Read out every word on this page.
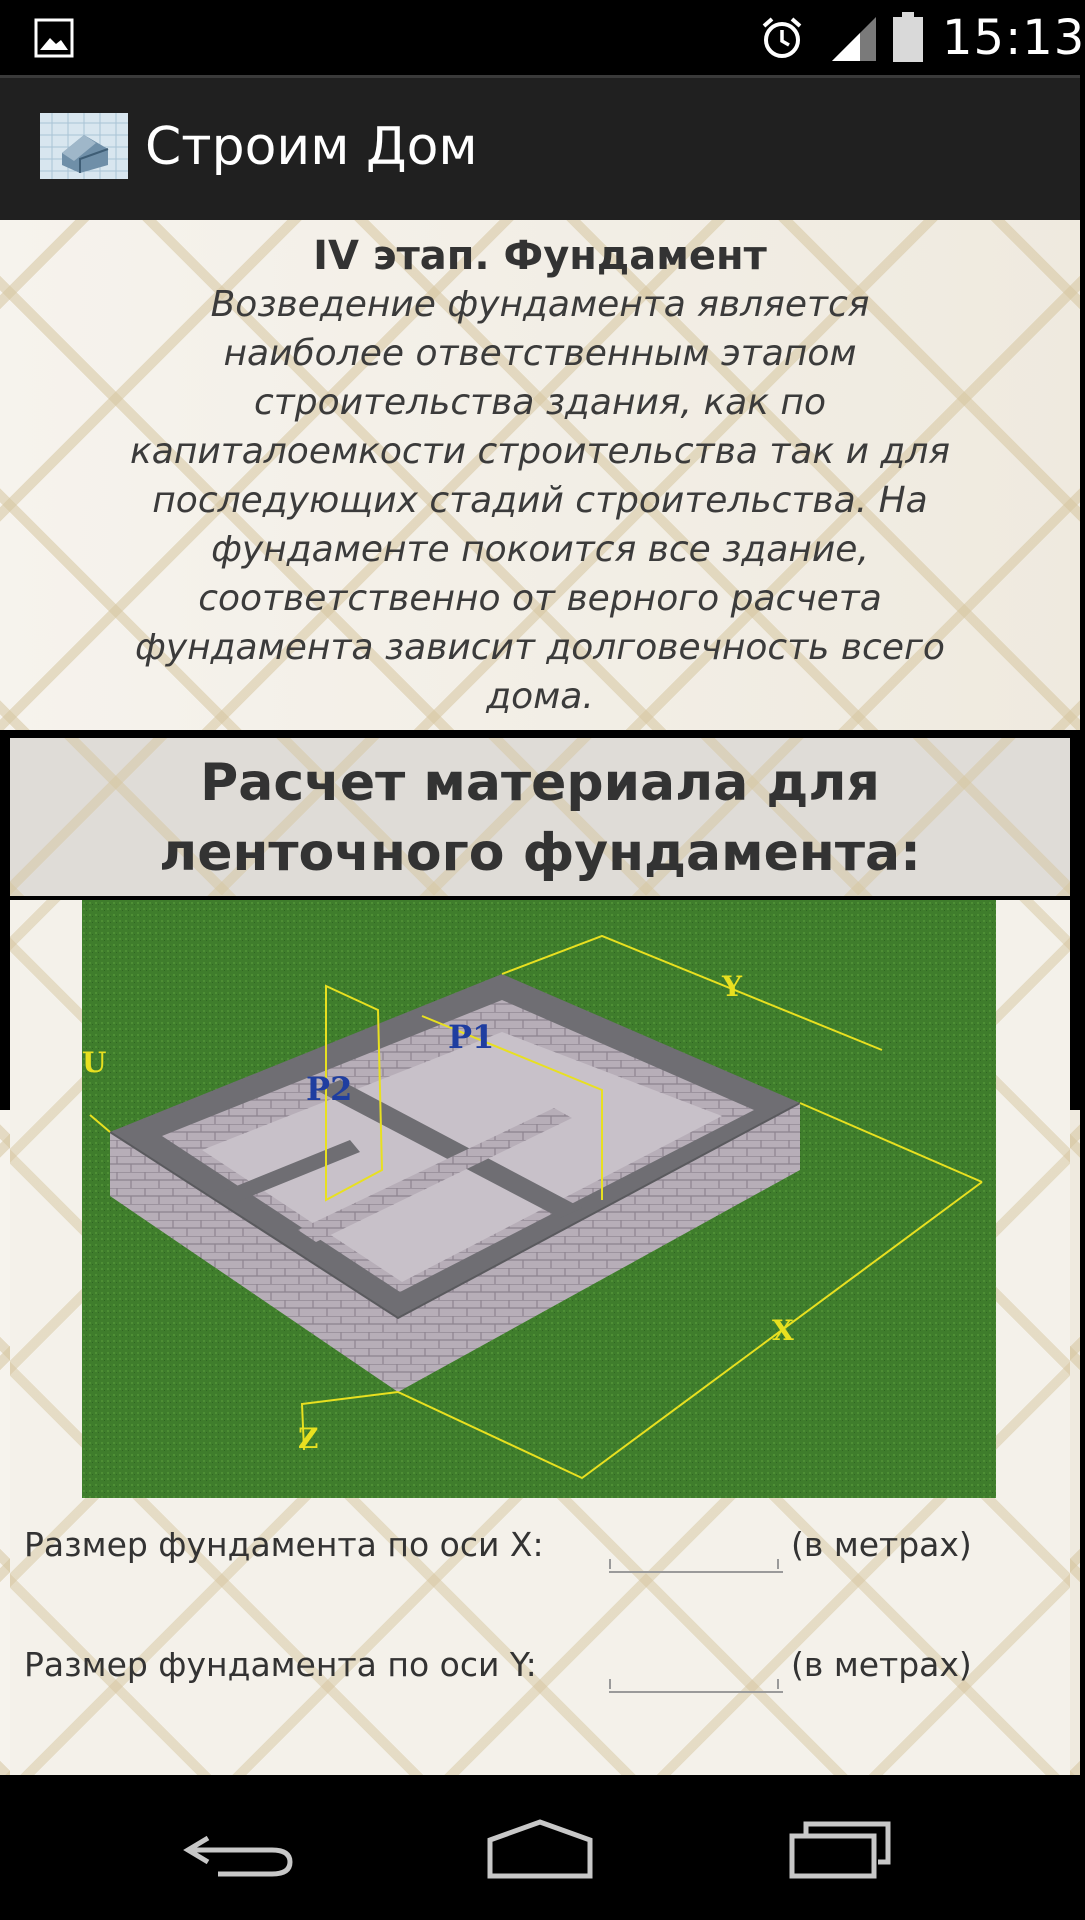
15:13
Строим Дом
IV этап. Фундамент
Возведение фундамента является наиболее ответственным этапом строительства здания, как по капиталоемкости строительства так и для последующих стадий строительства. На фундаменте покоится все здание, соответственно от верного расчета фундамента зависит долговечность всего дома.
Расчет материала для
ленточного фундамента:
Y
X
Z
U
P1
P2
Размер фундамента по оси X:	(в метрах)
Размер фундамента по оси Y:	(в метрах)
